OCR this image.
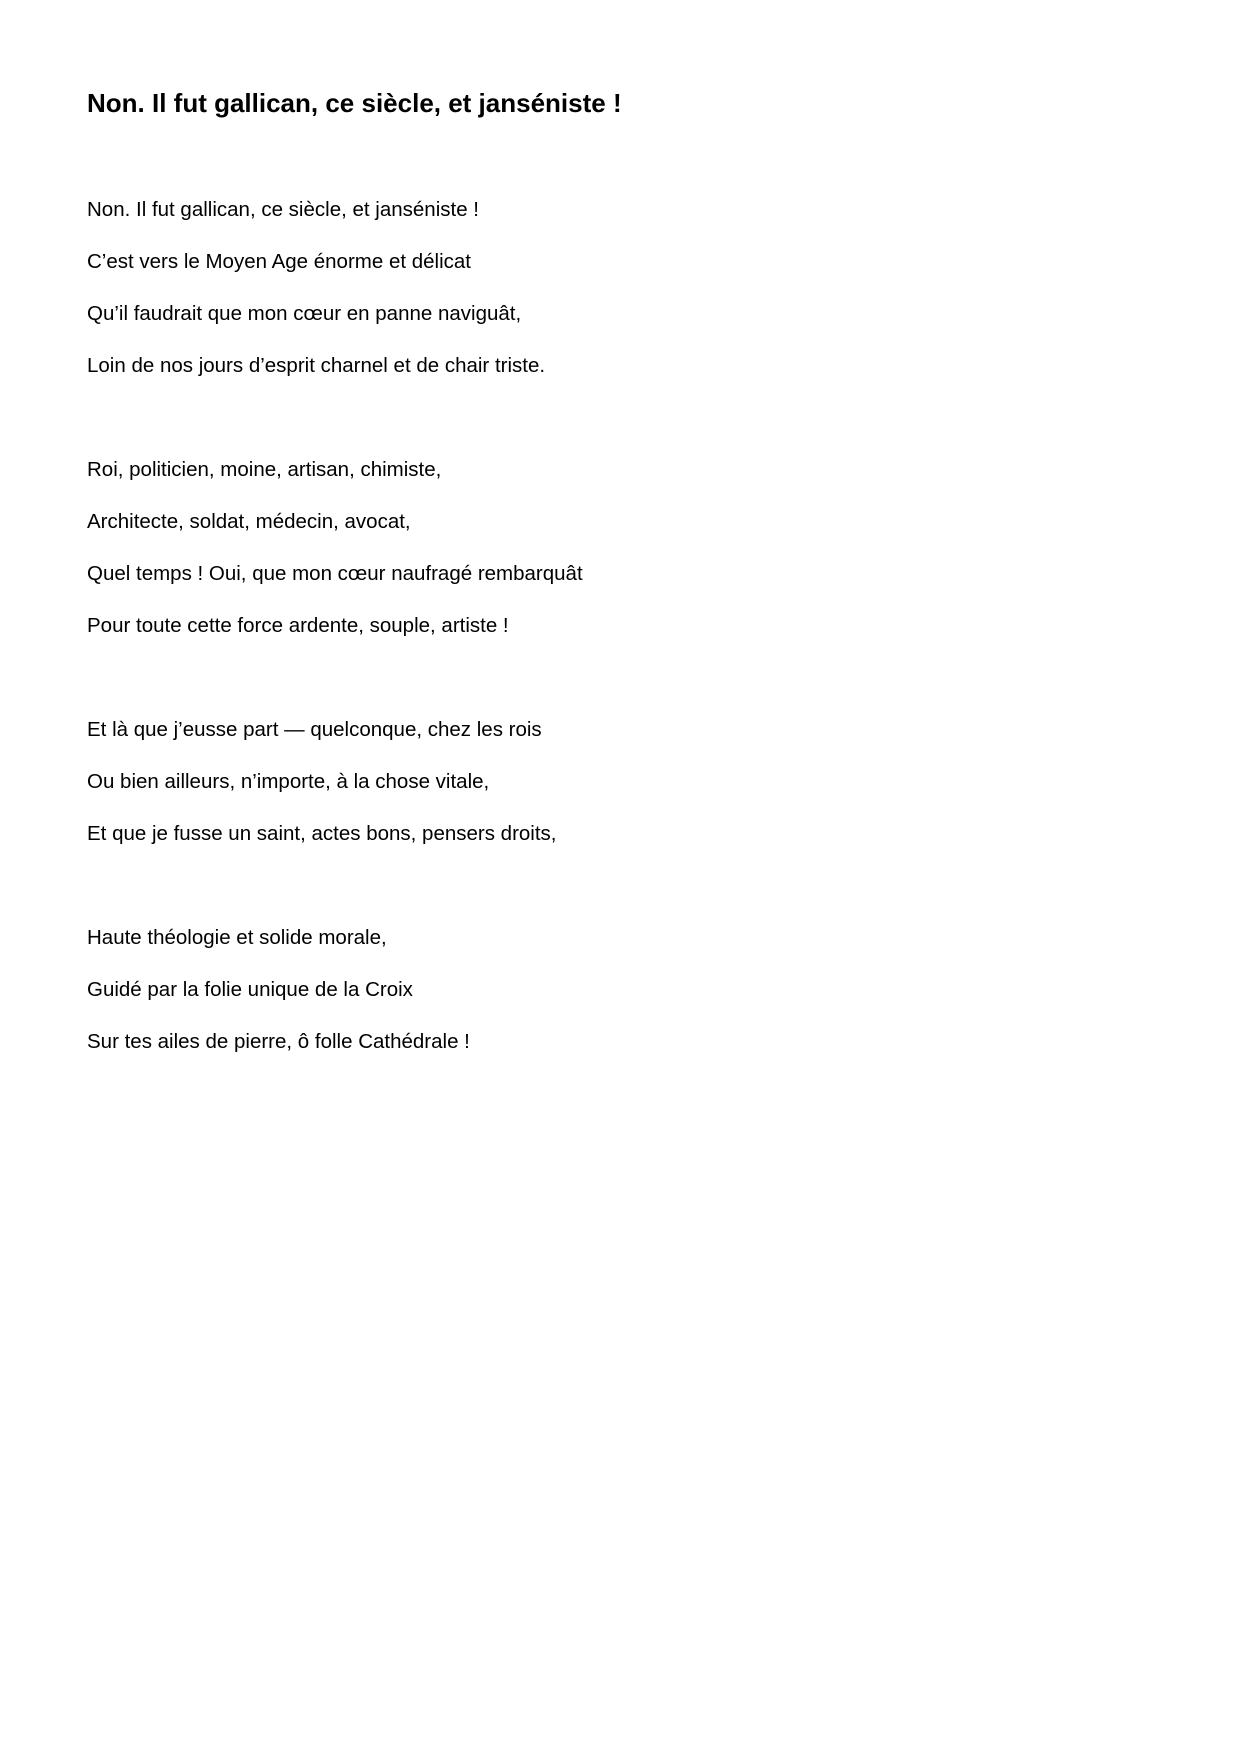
Non. Il fut gallican, ce siècle, et janséniste !
Non. Il fut gallican, ce siècle, et janséniste !
C’est vers le Moyen Age énorme et délicat
Qu’il faudrait que mon cœur en panne naviguât,
Loin de nos jours d’esprit charnel et de chair triste.
Roi, politicien, moine, artisan, chimiste,
Architecte, soldat, médecin, avocat,
Quel temps ! Oui, que mon cœur naufragé rembarquât
Pour toute cette force ardente, souple, artiste !
Et là que j’eusse part — quelconque, chez les rois
Ou bien ailleurs, n’importe, à la chose vitale,
Et que je fusse un saint, actes bons, pensers droits,
Haute théologie et solide morale,
Guidé par la folie unique de la Croix
Sur tes ailes de pierre, ô folle Cathédrale !
